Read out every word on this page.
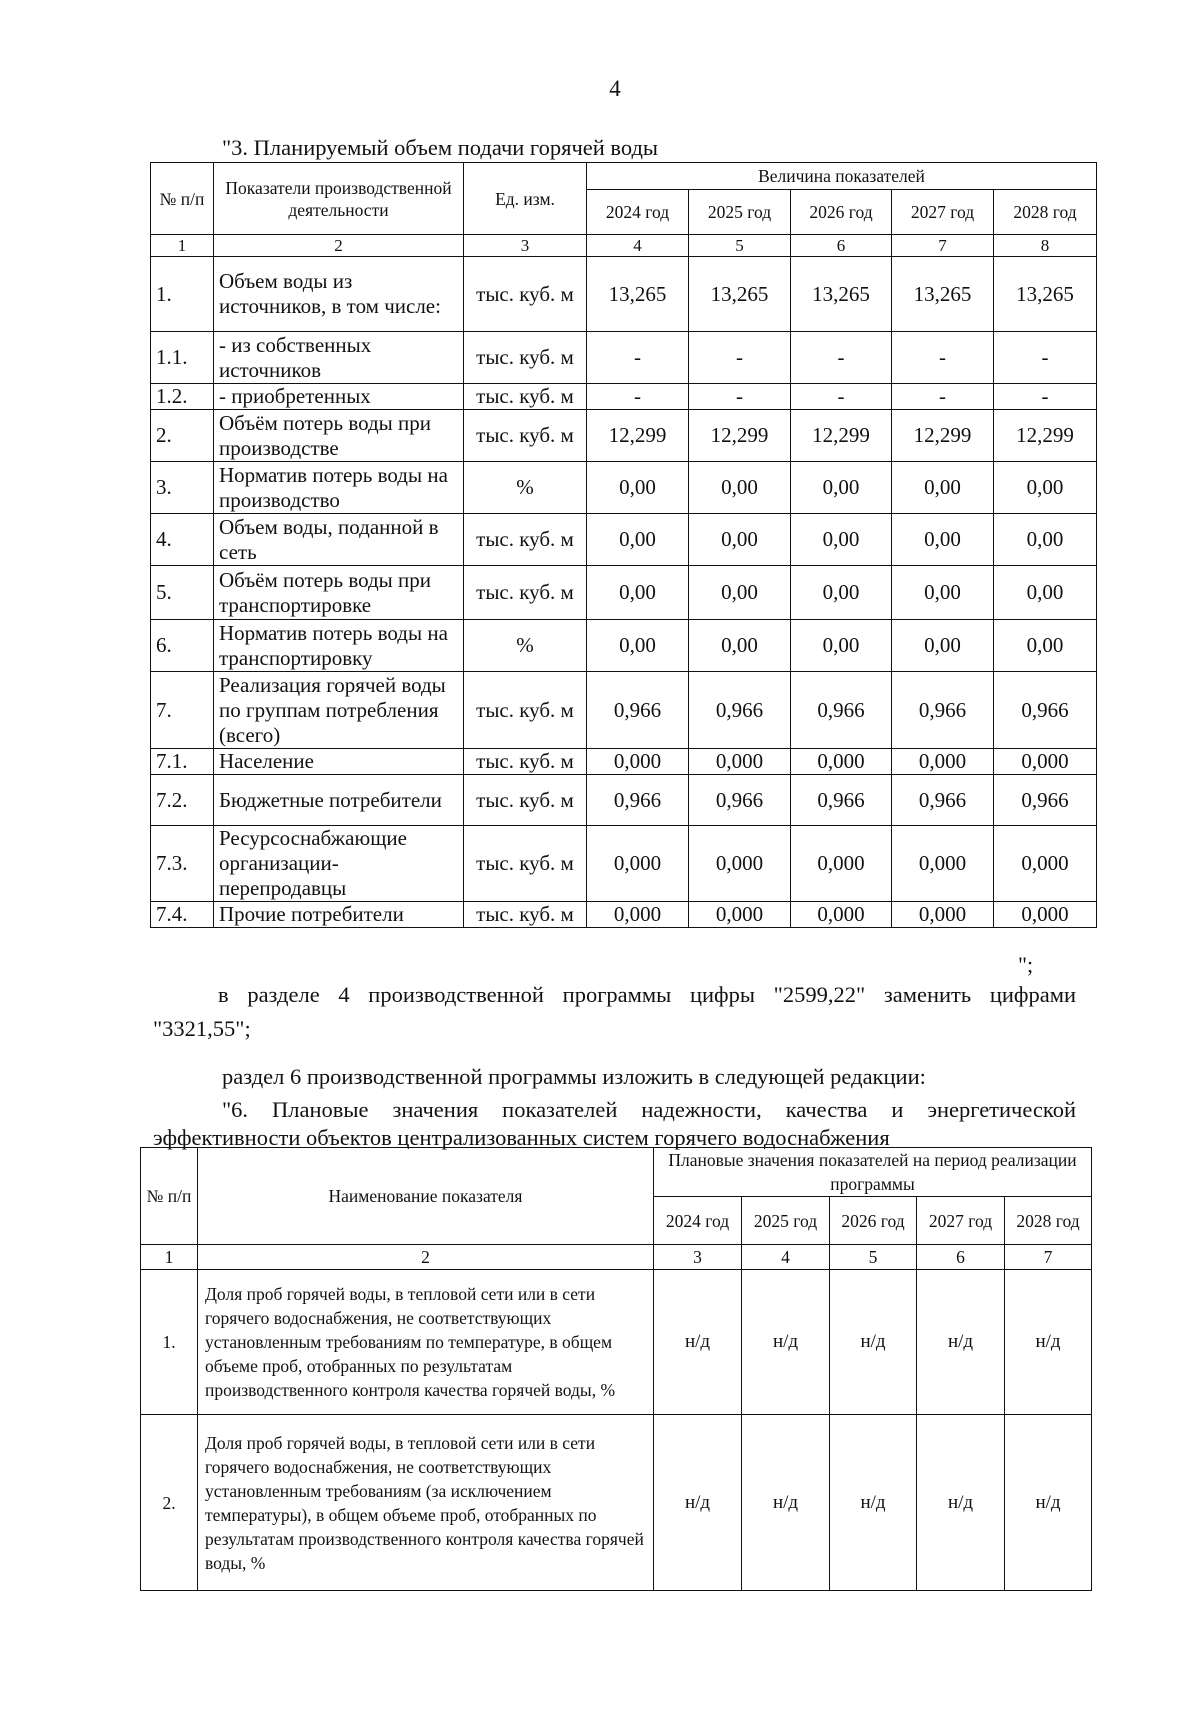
4
"3. Планируемый объем подачи горячей воды
№ п/п	Показатели производственной деятельности	Ед. изм.	Величина показателей				
			2024 год	2025 год	2026 год	2027 год	2028 год
1	2	3	4	5	6	7	8
1.	Объем воды из источников, в том числе:	тыс. куб. м	13,265	13,265	13,265	13,265	13,265
1.1.	- из собственных источников	тыс. куб. м	-	-	-	-	-
1.2.	- приобретенных	тыс. куб. м	-	-	-	-	-
2.	Объём потерь воды при производстве	тыс. куб. м	12,299	12,299	12,299	12,299	12,299
3.	Норматив потерь воды на производство	%	0,00	0,00	0,00	0,00	0,00
4.	Объем воды, поданной в сеть	тыс. куб. м	0,00	0,00	0,00	0,00	0,00
5.	Объём потерь воды при транспортировке	тыс. куб. м	0,00	0,00	0,00	0,00	0,00
6.	Норматив потерь воды на транспортировку	%	0,00	0,00	0,00	0,00	0,00
7.	Реализация горячей воды по группам потребления (всего)	тыс. куб. м	0,966	0,966	0,966	0,966	0,966
7.1.	Население	тыс. куб. м	0,000	0,000	0,000	0,000	0,000
7.2.	Бюджетные потребители	тыс. куб. м	0,966	0,966	0,966	0,966	0,966
7.3.	Ресурсоснабжающие организации-перепродавцы	тыс. куб. м	0,000	0,000	0,000	0,000	0,000
7.4.	Прочие потребители	тыс. куб. м	0,000	0,000	0,000	0,000	0,000
";
в разделе 4 производственной программы цифры "2599,22" заменить цифрами
"3321,55";
раздел 6 производственной программы изложить в следующей редакции:
"6. Плановые значения показателей надежности, качества и энергетической
эффективности объектов централизованных систем горячего водоснабжения
№ п/п	Наименование показателя	Плановые значения показателей на период реализации программы				
		2024 год	2025 год	2026 год	2027 год	2028 год
1	2	3	4	5	6	7
1.	Доля проб горячей воды, в тепловой сети или в сети горячего водоснабжения, не соответствующих установленным требованиям по температуре, в общем объеме проб, отобранных по результатам производственного контроля качества горячей воды, %	н/д	н/д	н/д	н/д	н/д
2.	Доля проб горячей воды, в тепловой сети или в сети горячего водоснабжения, не соответствующих установленным требованиям (за исключением температуры), в общем объеме проб, отобранных по результатам производственного контроля качества горячей воды, %	н/д	н/д	н/д	н/д	н/д
